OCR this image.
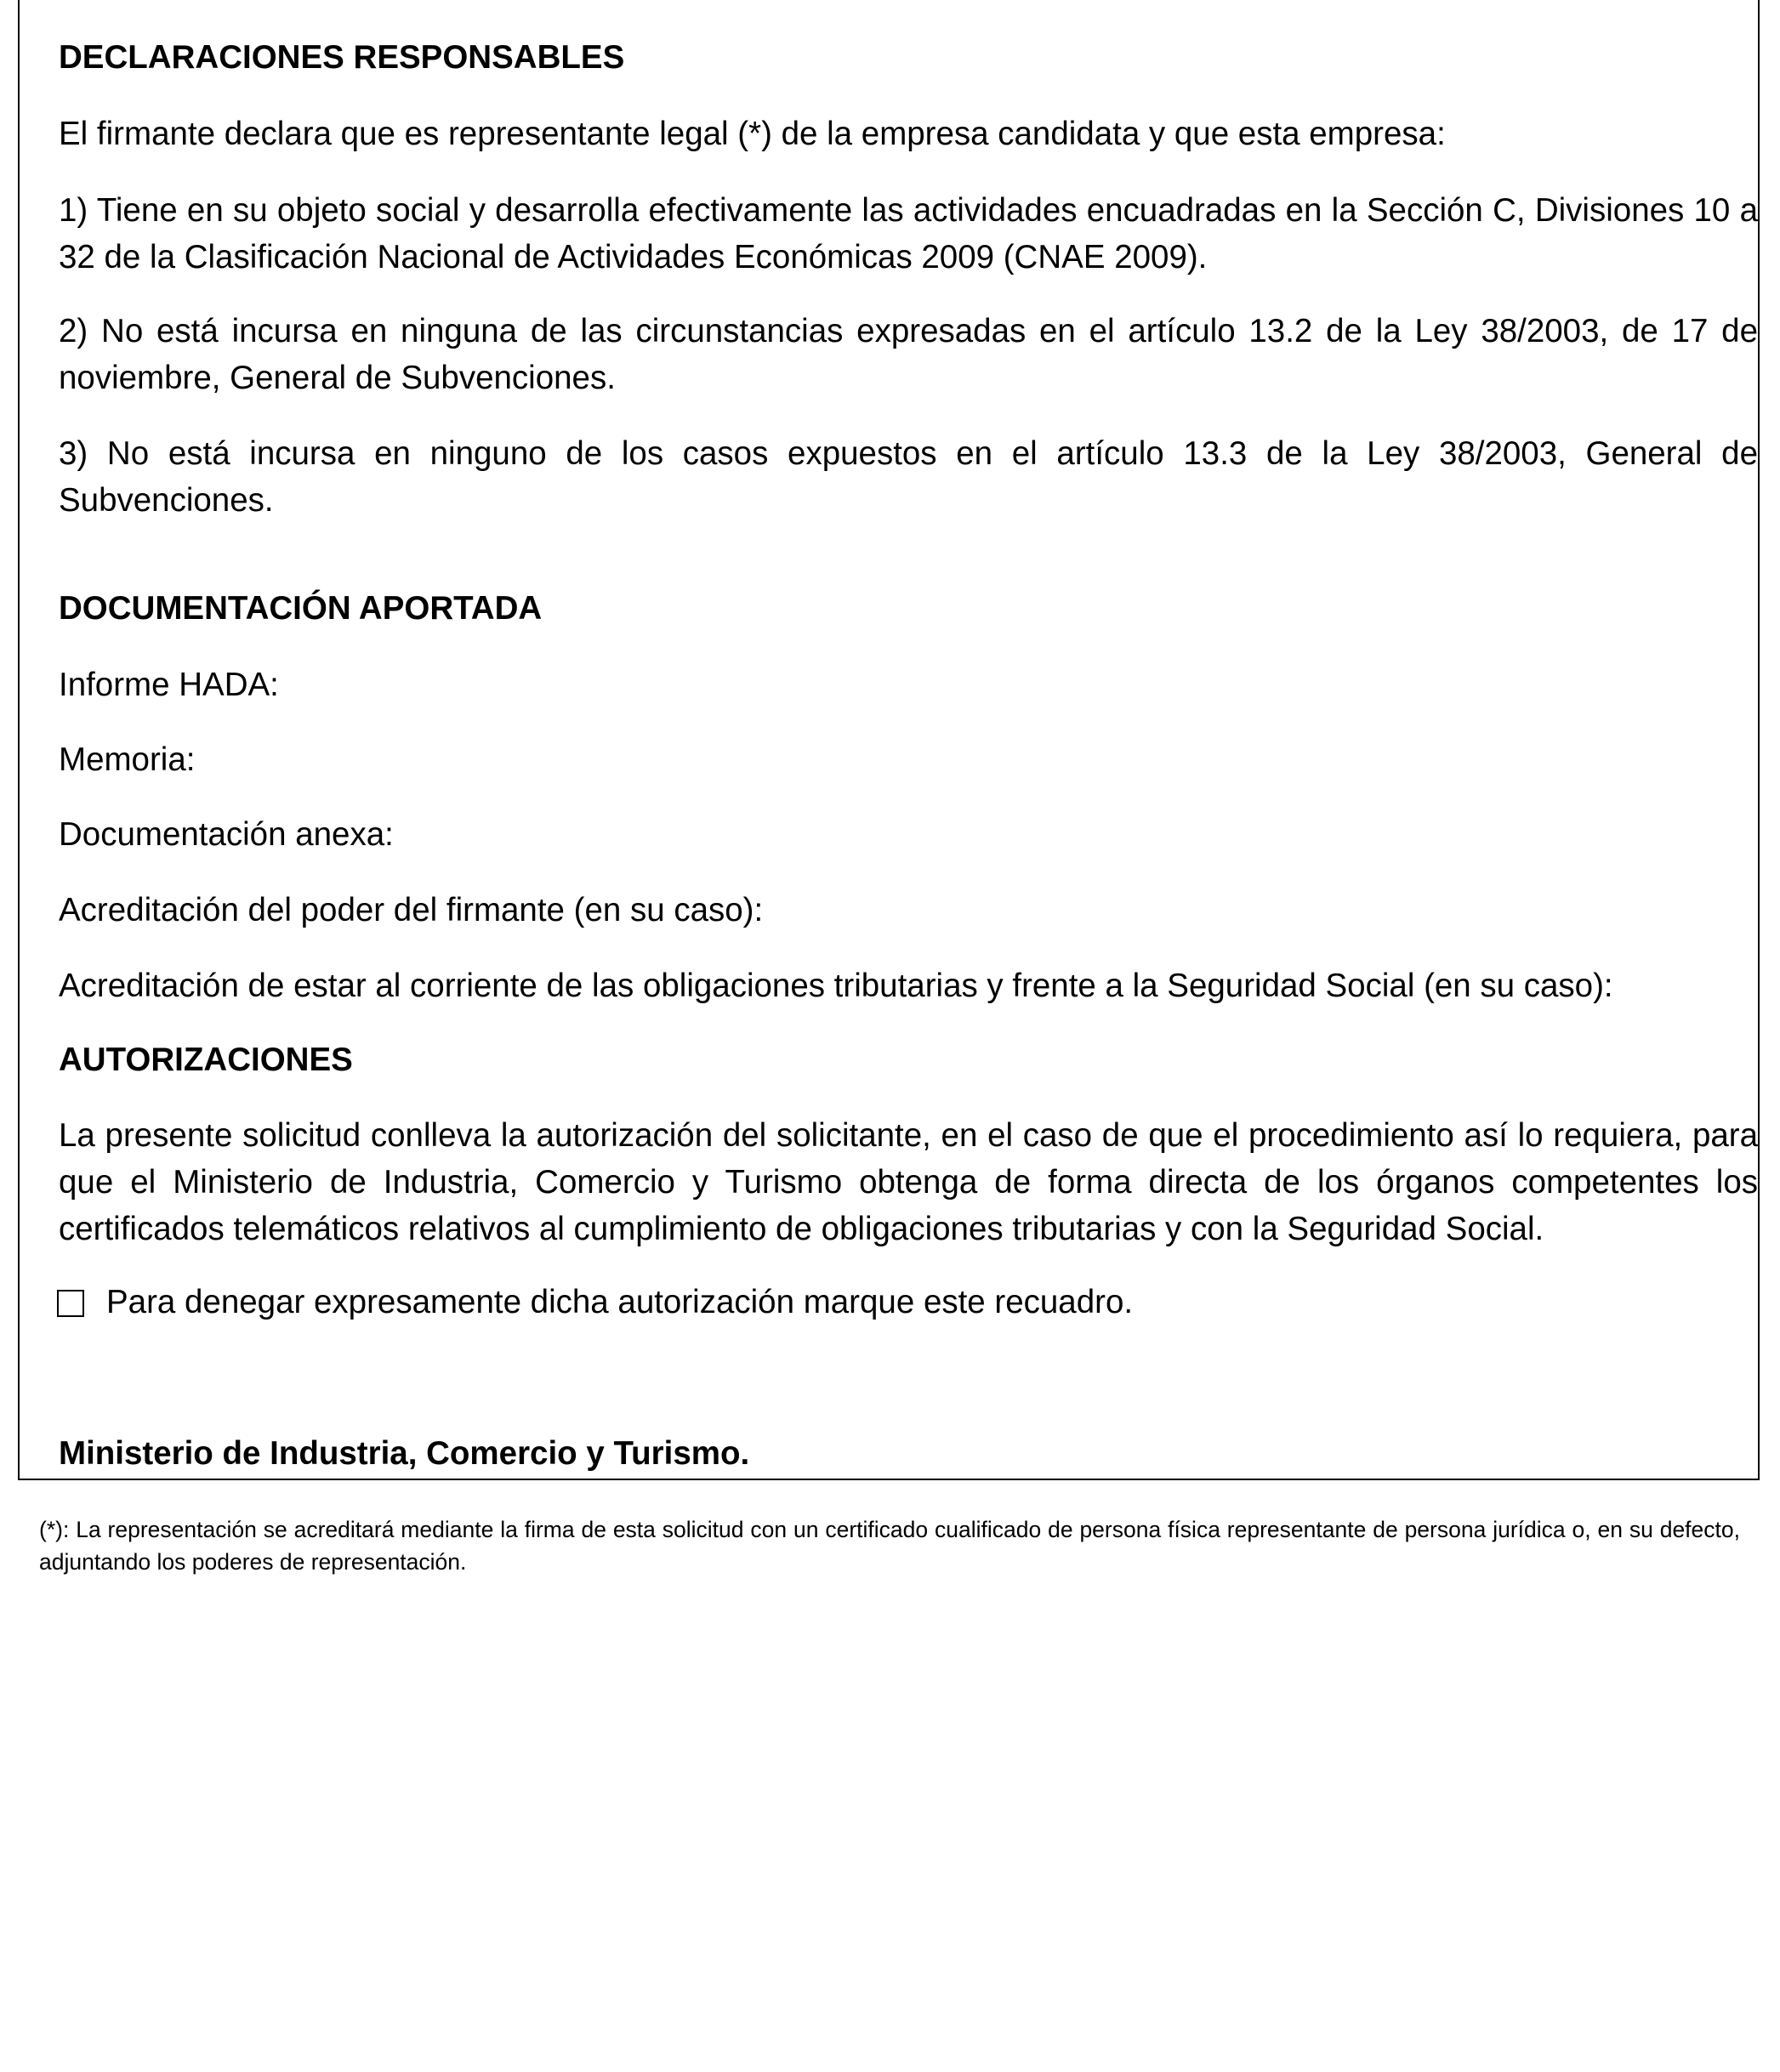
DECLARACIONES RESPONSABLES

El firmante declara que es representante legal (*) de la empresa candidata y que esta empresa:

1) Tiene en su objeto social y desarrolla efectivamente las actividades encuadradas en la Sección C, Divisiones 10 a 32 de la Clasificación Nacional de Actividades Económicas 2009 (CNAE 2009).

2) No está incursa en ninguna de las circunstancias expresadas en el artículo 13.2 de la Ley 38/2003, de 17 de noviembre, General de Subvenciones.

3) No está incursa en ninguno de los casos expuestos en el artículo 13.3 de la Ley 38/2003, General de Subvenciones.

DOCUMENTACIÓN APORTADA

Informe HADA:

Memoria:

Documentación anexa:

Acreditación del poder del firmante (en su caso):

Acreditación de estar al corriente de las obligaciones tributarias y frente a la Seguridad Social (en su caso):

AUTORIZACIONES

La presente solicitud conlleva la autorización del solicitante, en el caso de que el procedimiento así lo requiera, para que el Ministerio de Industria, Comercio y Turismo obtenga de forma directa de los órganos competentes los certificados telemáticos relativos al cumplimiento de obligaciones tributarias y con la Seguridad Social.

Para denegar expresamente dicha autorización marque este recuadro.

Ministerio de Industria, Comercio y Turismo.

(*): La representación se acreditará mediante la firma de esta solicitud con un certificado cualificado de persona física representante de persona jurídica o, en su defecto, adjuntando los poderes de representación.
